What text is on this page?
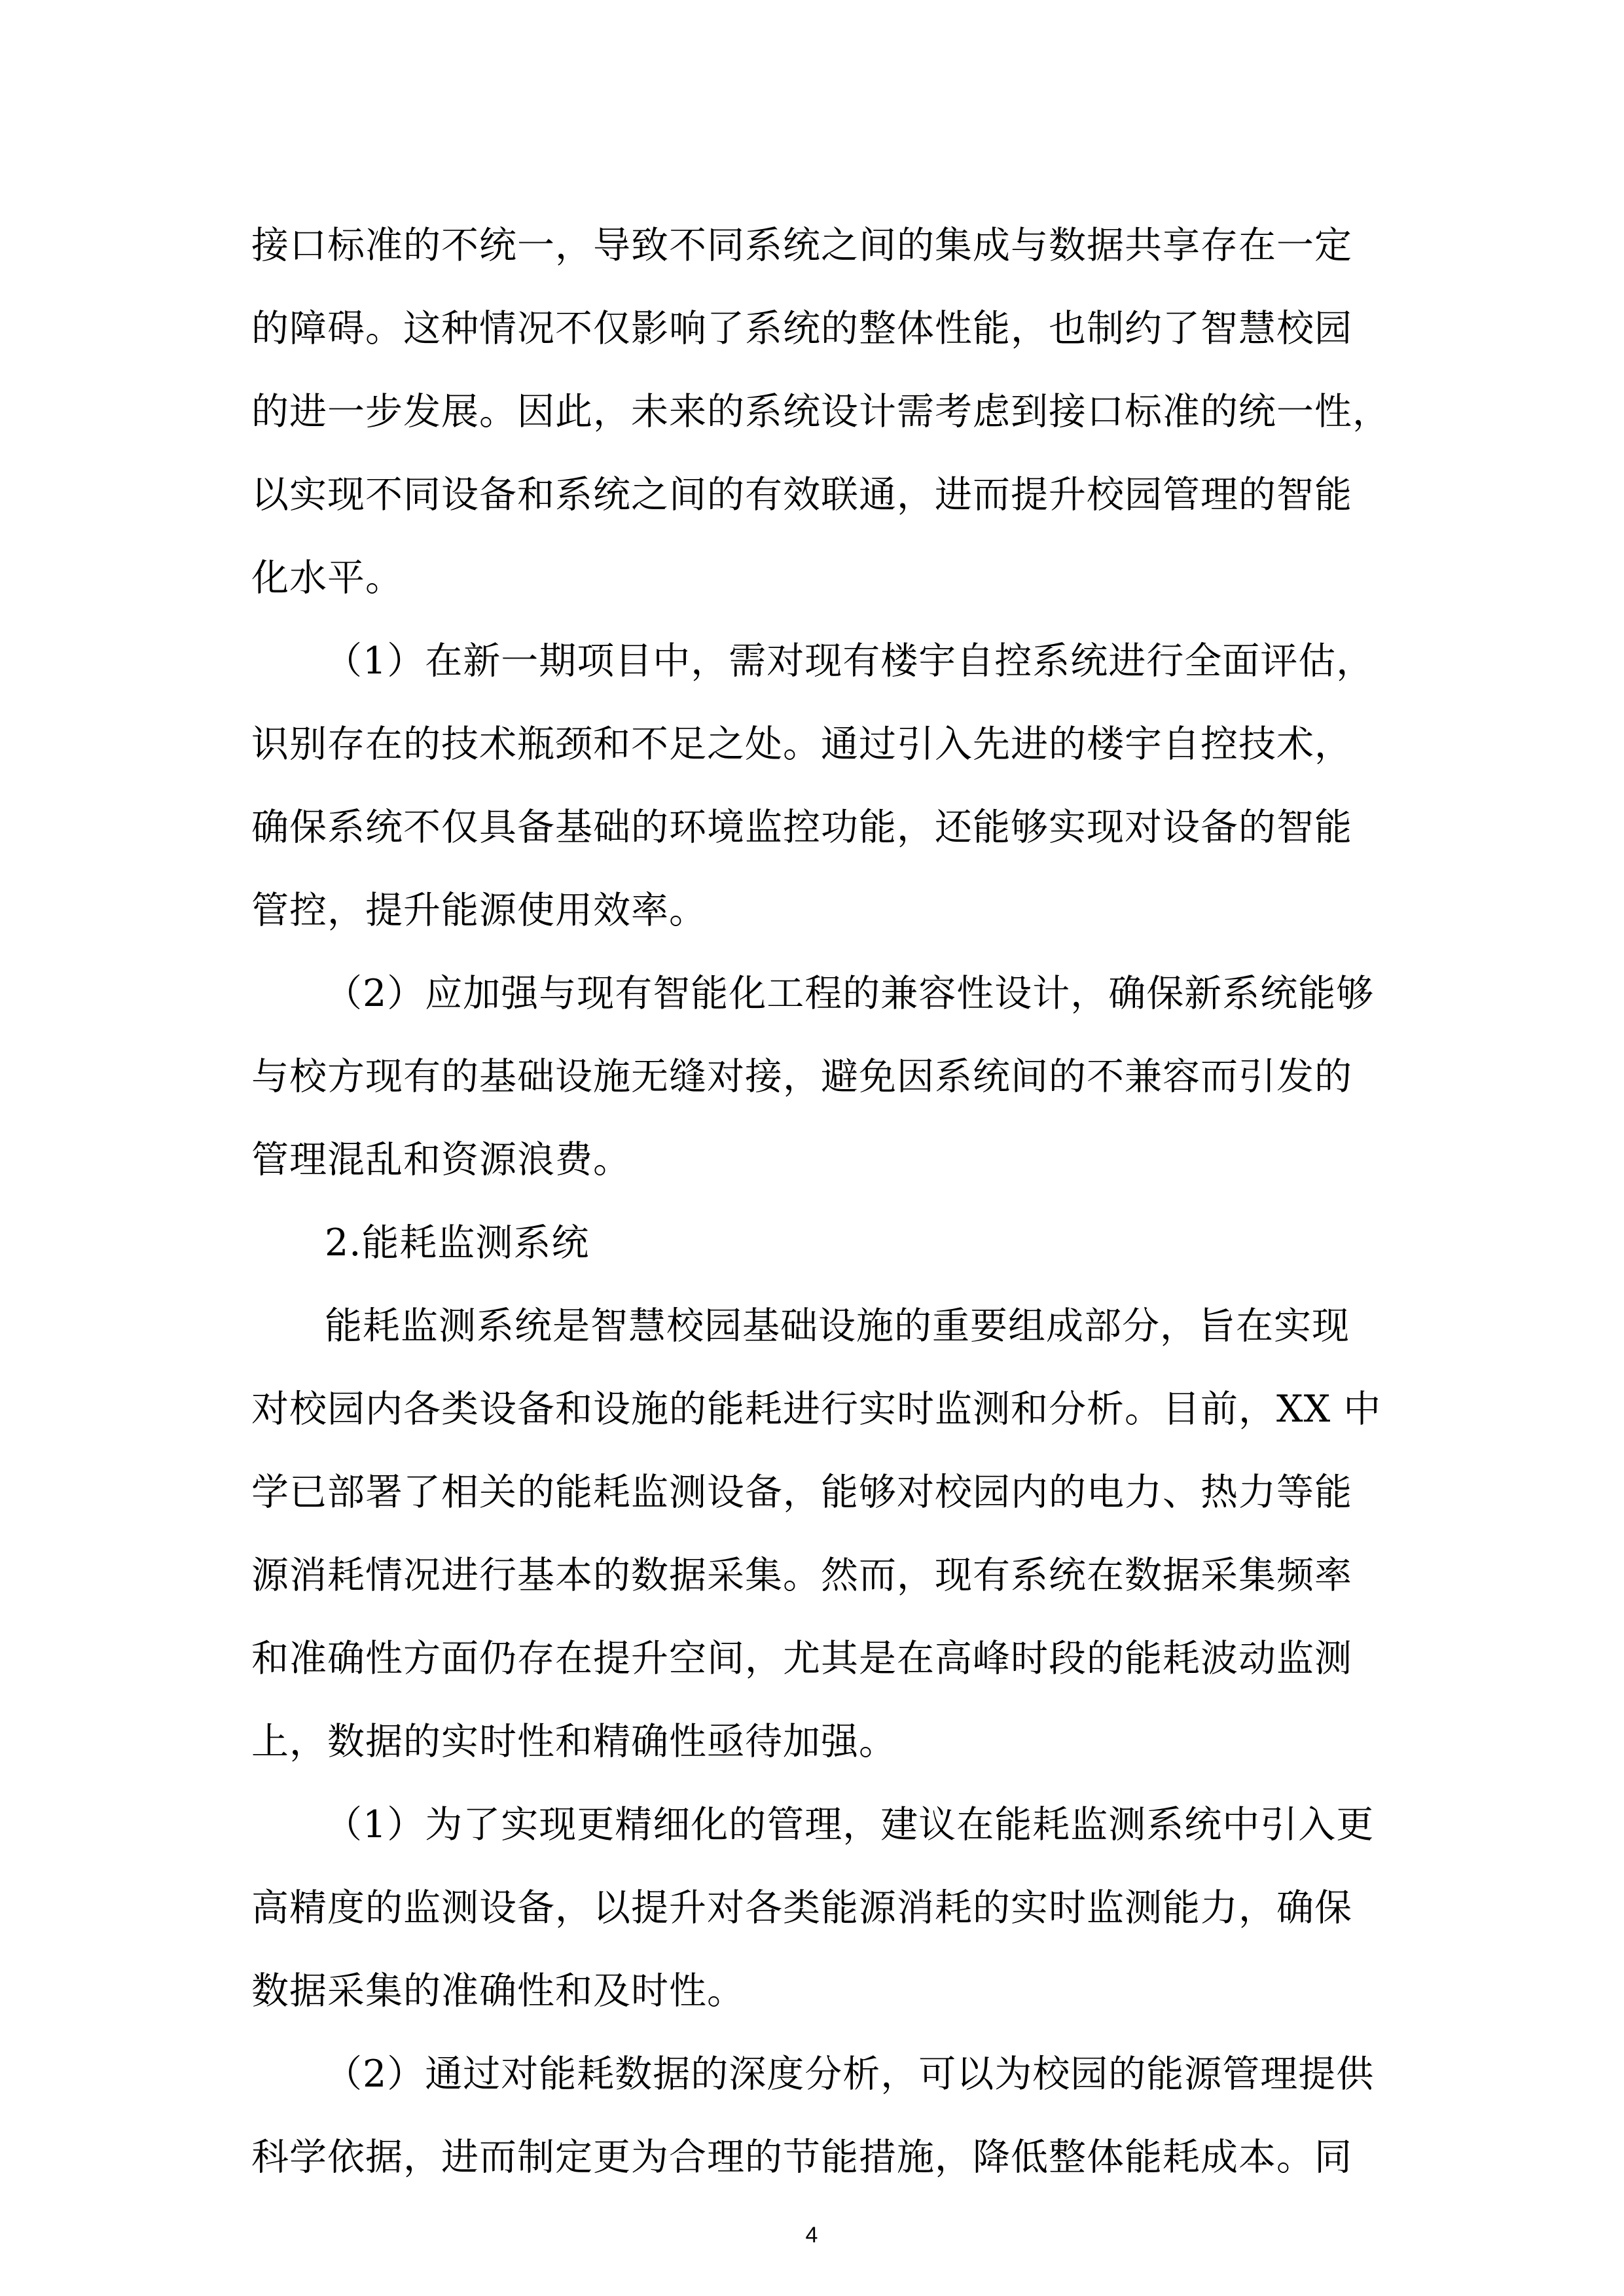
接口标准的不统一，导致不同系统之间的集成与数据共享存在一定
的障碍。这种情况不仅影响了系统的整体性能，也制约了智慧校园
的进一步发展。因此，未来的系统设计需考虑到接口标准的统一性，
以实现不同设备和系统之间的有效联通，进而提升校园管理的智能
化水平。
（1）在新一期项目中，需对现有楼宇自控系统进行全面评估，
识别存在的技术瓶颈和不足之处。通过引入先进的楼宇自控技术，
确保系统不仅具备基础的环境监控功能，还能够实现对设备的智能
管控，提升能源使用效率。
（2）应加强与现有智能化工程的兼容性设计，确保新系统能够
与校方现有的基础设施无缝对接，避免因系统间的不兼容而引发的
管理混乱和资源浪费。
2.能耗监测系统
能耗监测系统是智慧校园基础设施的重要组成部分，旨在实现
对校园内各类设备和设施的能耗进行实时监测和分析。目前，XX 中
学已部署了相关的能耗监测设备，能够对校园内的电力、热力等能
源消耗情况进行基本的数据采集。然而，现有系统在数据采集频率
和准确性方面仍存在提升空间，尤其是在高峰时段的能耗波动监测
上，数据的实时性和精确性亟待加强。
（1）为了实现更精细化的管理，建议在能耗监测系统中引入更
高精度的监测设备，以提升对各类能源消耗的实时监测能力，确保
数据采集的准确性和及时性。
（2）通过对能耗数据的深度分析，可以为校园的能源管理提供
科学依据，进而制定更为合理的节能措施，降低整体能耗成本。同
4
